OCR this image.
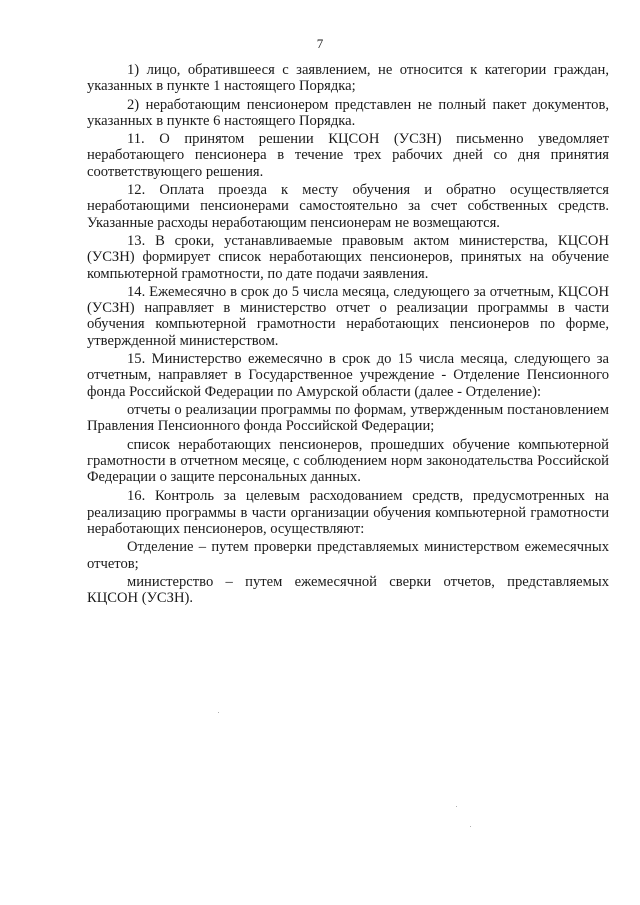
7

1) лицо, обратившееся с заявлением, не относится к категории граждан, указанных в пункте 1 настоящего Порядка;

2) неработающим пенсионером представлен не полный пакет документов, указанных в пункте 6 настоящего Порядка.

11. О принятом решении КЦСОН (УСЗН) письменно уведомляет неработающего пенсионера в течение трех рабочих дней со дня принятия соответствующего решения.

12. Оплата проезда к месту обучения и обратно осуществляется неработающими пенсионерами самостоятельно за счет собственных средств. Указанные расходы неработающим пенсионерам не возмещаются.

13. В сроки, устанавливаемые правовым актом министерства, КЦСОН (УСЗН) формирует список неработающих пенсионеров, принятых на обучение компьютерной грамотности, по дате подачи заявления.

14. Ежемесячно в срок до 5 числа месяца, следующего за отчетным, КЦСОН (УСЗН) направляет в министерство отчет о реализации программы в части обучения компьютерной грамотности неработающих пенсионеров по форме, утвержденной министерством.

15. Министерство ежемесячно в срок до 15 числа месяца, следующего за отчетным, направляет в Государственное учреждение - Отделение Пенсионного фонда Российской Федерации по Амурской области (далее - Отделение):

отчеты о реализации программы по формам, утвержденным постановлением Правления Пенсионного фонда Российской Федерации;

список неработающих пенсионеров, прошедших обучение компьютерной грамотности в отчетном месяце, с соблюдением норм законодательства Российской Федерации о защите персональных данных.

16. Контроль за целевым расходованием средств, предусмотренных на реализацию программы в части организации обучения компьютерной грамотности неработающих пенсионеров, осуществляют:

Отделение – путем проверки представляемых министерством ежемесячных отчетов;

министерство – путем ежемесячной сверки отчетов, представляемых КЦСОН (УСЗН).
